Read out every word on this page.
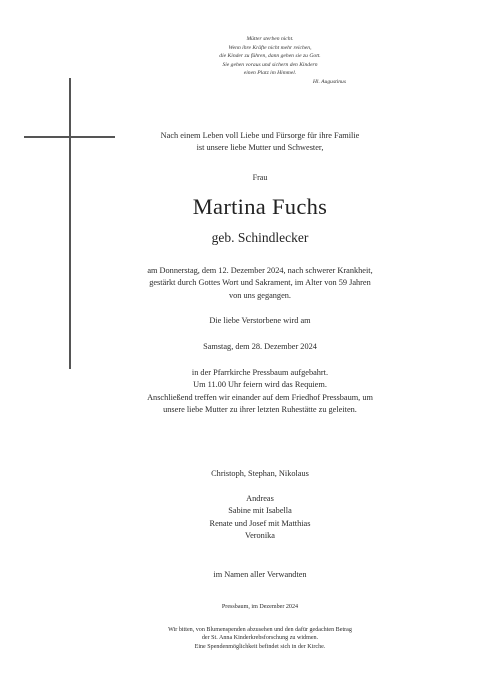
Mütter sterben nicht.
Wenn ihre Kräfte nicht mehr reichen,
die Kinder zu führen, dann gehen sie zu Gott.
Sie gehen voraus und sichern den Kindern
einen Platz im Himmel.
Hl. Augustinus
Nach einem Leben voll Liebe und Fürsorge für ihre Familie
ist unsere liebe Mutter und Schwester,
Frau
Martina Fuchs
geb. Schindlecker
am Donnerstag, dem 12. Dezember 2024, nach schwerer Krankheit,
gestärkt durch Gottes Wort und Sakrament, im Alter von 59 Jahren
von uns gegangen.
Die liebe Verstorbene wird am
Samstag, dem 28. Dezember 2024
in der Pfarrkirche Pressbaum aufgebahrt.
Um 11.00 Uhr feiern wird das Requiem.
Anschließend treffen wir einander auf dem Friedhof Pressbaum, um
unsere liebe Mutter zu ihrer letzten Ruhestätte zu geleiten.
Christoph, Stephan, Nikolaus
Andreas
Sabine mit Isabella
Renate und Josef mit Matthias
Veronika
im Namen aller Verwandten
Pressbaum, im Dezember 2024
Wir bitten, von Blumenspenden abzusehen und den dafür gedachten Betrag
der St. Anna Kinderkrebsforschung zu widmen.
Eine Spendenmöglichkeit befindet sich in der Kirche.
